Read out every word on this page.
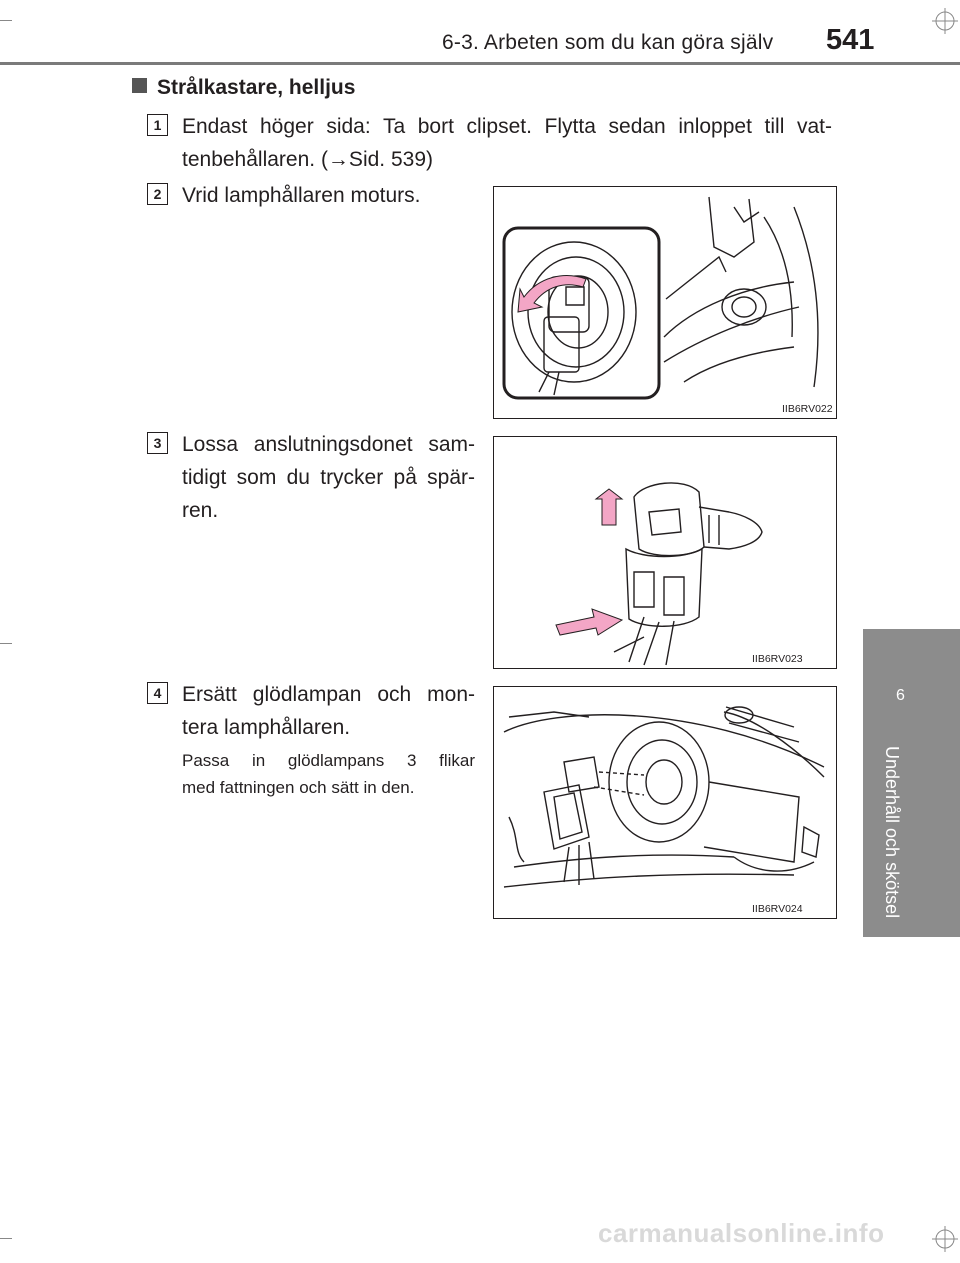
6-3. Arbeten som du kan göra själv 541
6
Underhåll och skötsel
Strålkastare, helljus
1 Endast höger sida: Ta bort clipset. Flytta sedan inloppet till vat-
tenbehållaren. (→Sid. 539)
2 Vrid lamphållaren moturs.
IIB6RV022
3 Lossa anslutningsdonet sam-
tidigt som du trycker på spär-
ren.
IIB6RV023
4 Ersätt glödlampan och mon-
tera lamphållaren.
Passa in glödlampans 3 flikar
med fattningen och sätt in den.
IIB6RV024
carmanualsonline.info
